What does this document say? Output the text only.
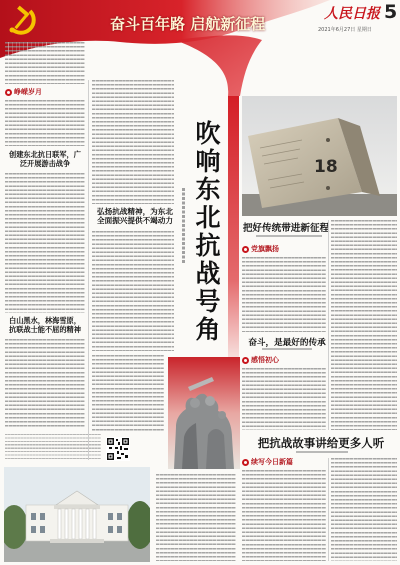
奋斗百年路 启航新征程
人民日报 5
2021年6月27日 星期日
峥嵘岁月
创建东北抗日联军，广泛开展游击战争
白山黑水，林海雪原，抗联战士能不屈的精神
弘扬抗战精神，为东北全面振兴提供不竭动力 吹响东北抗战号角	18
把好传统带进新征程
党旗飘扬
奋斗，是最好的传承
感悟初心
把抗战故事讲给更多人听
续写今日新篇
